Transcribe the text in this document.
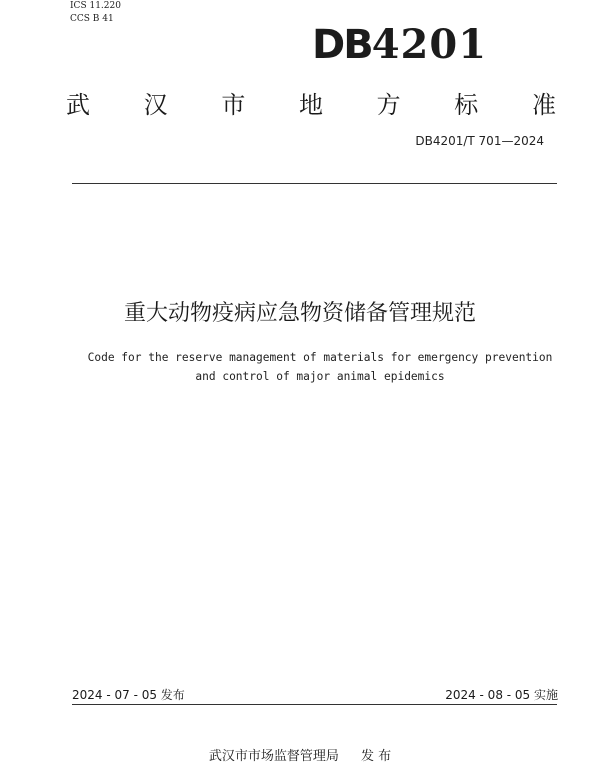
ICS 11.220
CCS B 41
DB4201
武 汉 市 地 方 标 准
DB4201/T 701—2024
重大动物疫病应急物资储备管理规范
Code for the reserve management of materials for emergency prevention
and control of major animal epidemics
2024 - 07 - 05 发布	2024 - 08 - 05 实施
武汉市市场监督管理局 发 布
